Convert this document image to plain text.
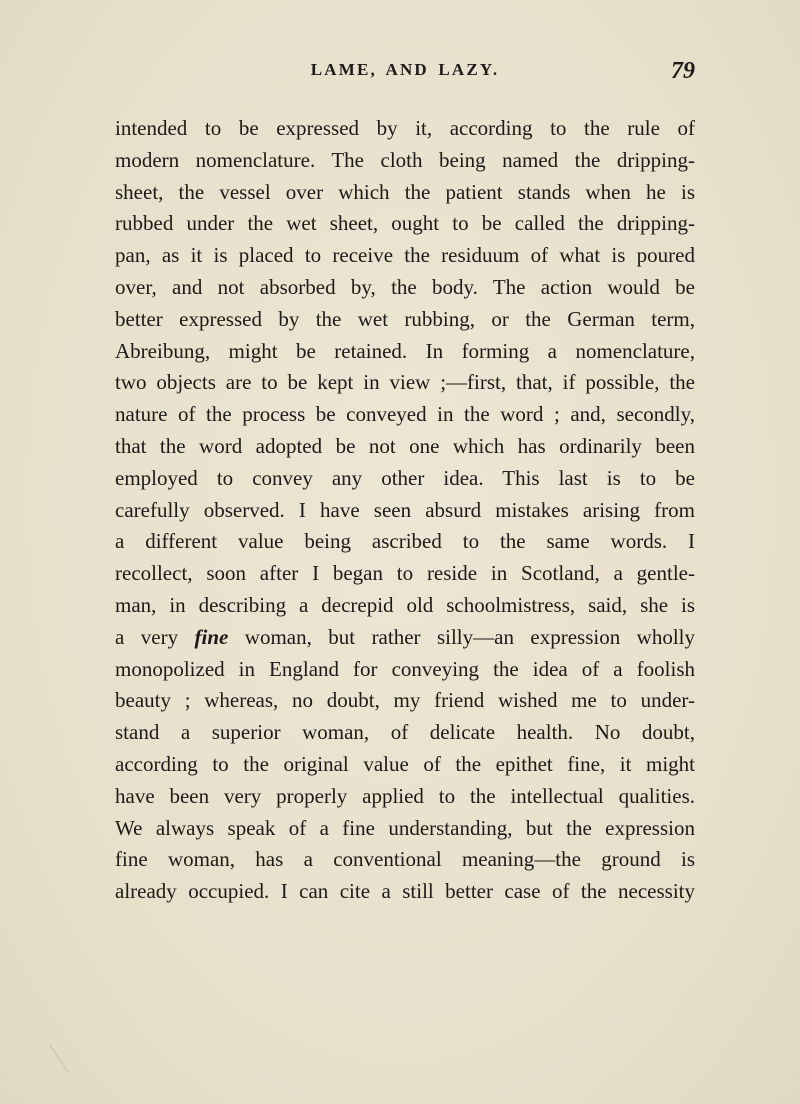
LAME, AND LAZY.	79
intended to be expressed by it, according to the rule of
modern nomenclature. The cloth being named the dripping-
sheet, the vessel over which the patient stands when he is
rubbed under the wet sheet, ought to be called the dripping-
pan, as it is placed to receive the residuum of what is poured
over, and not absorbed by, the body. The action would be
better expressed by the wet rubbing, or the German term,
Abreibung, might be retained. In forming a nomenclature,
two objects are to be kept in view ;—first, that, if possible, the
nature of the process be conveyed in the word ; and, secondly,
that the word adopted be not one which has ordinarily been
employed to convey any other idea. This last is to be
carefully observed. I have seen absurd mistakes arising from
a different value being ascribed to the same words. I
recollect, soon after I began to reside in Scotland, a gentle-
man, in describing a decrepid old schoolmistress, said, she is
a very fine woman, but rather silly—an expression wholly
monopolized in England for conveying the idea of a foolish
beauty ; whereas, no doubt, my friend wished me to under-
stand a superior woman, of delicate health. No doubt,
according to the original value of the epithet fine, it might
have been very properly applied to the intellectual qualities.
We always speak of a fine understanding, but the expression
fine woman, has a conventional meaning—the ground is
already occupied. I can cite a still better case of the necessity
